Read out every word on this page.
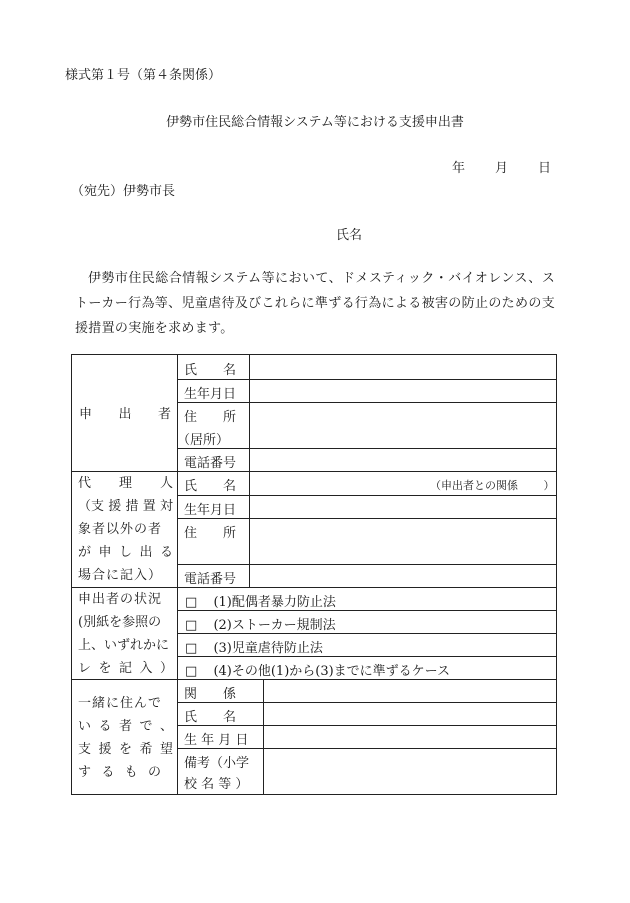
様式第１号（第４条関係）
伊勢市住民総合情報システム等における支援申出書
年 月 日
（宛先）伊勢市長
氏名

伊勢市住民総合情報システム等において、ドメスティック・バイオレンス、ストーカー行為等、児童虐待及びこれらに準ずる行為による被害の防止のための支援措置の実施を求めます。

申 出 者
氏　　名
生年月日
住　　所
（居所）
電話番号
代 理 人
（支 援 措 置 対
象者以外の者
が 申 し 出 る
場合に記入）
氏　　名	（申出者との関係　　 ）
生年月日
住　　所
電話番号
申出者の状況
(別紙を参照の
上、いずれかに
レ を 記 入 ）
□ (1)配偶者暴力防止法
□ (2)ストーカー規制法
□ (3)児童虐待防止法
□ (4)その他(1)から(3)までに準ずるケース
一緒に住んで
い る 者 で 、
支 援 を 希 望
す る も の
関　　係
氏　　名
生 年 月 日
備考（小学
校 名 等 ）
